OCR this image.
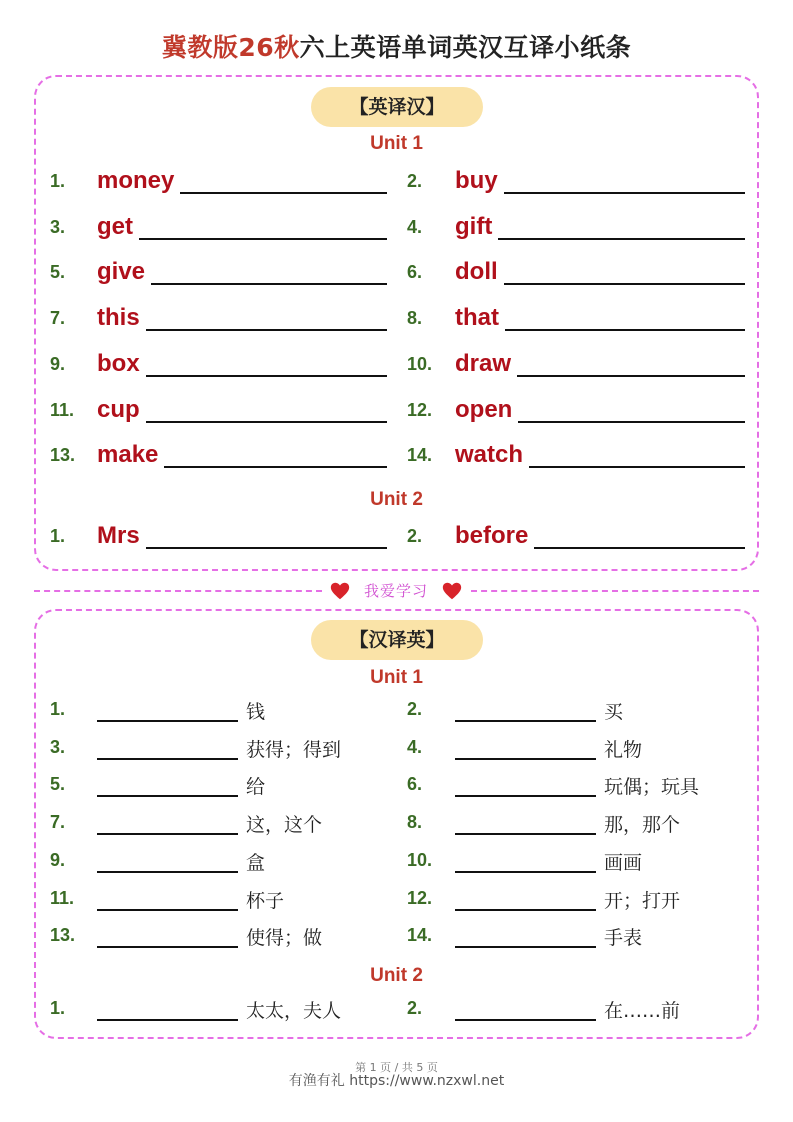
冀教版26秋六上英语单词英汉互译小纸条
【英译汉】
Unit 1
1. money	2. buy
3. get	4. gift
5. give	6. doll
7. this	8. that
9. box	10. draw
11. cup	12. open
13. make	14. watch
Unit 2
1. Mrs	2. before
我爱学习
【汉译英】
Unit 1
1.	钱	2.	买
3.	获得；得到	4.	礼物
5.	给	6.	玩偶；玩具
7.	这，这个	8.	那，那个
9.	盒	10.	画画
11.	杯子	12.	开；打开
13.	使得；做	14.	手表
Unit 2
1.	太太，夫人	2.	在……前
第 1 页 / 共 5 页
有渔有礼 https://www.nzxwl.net
